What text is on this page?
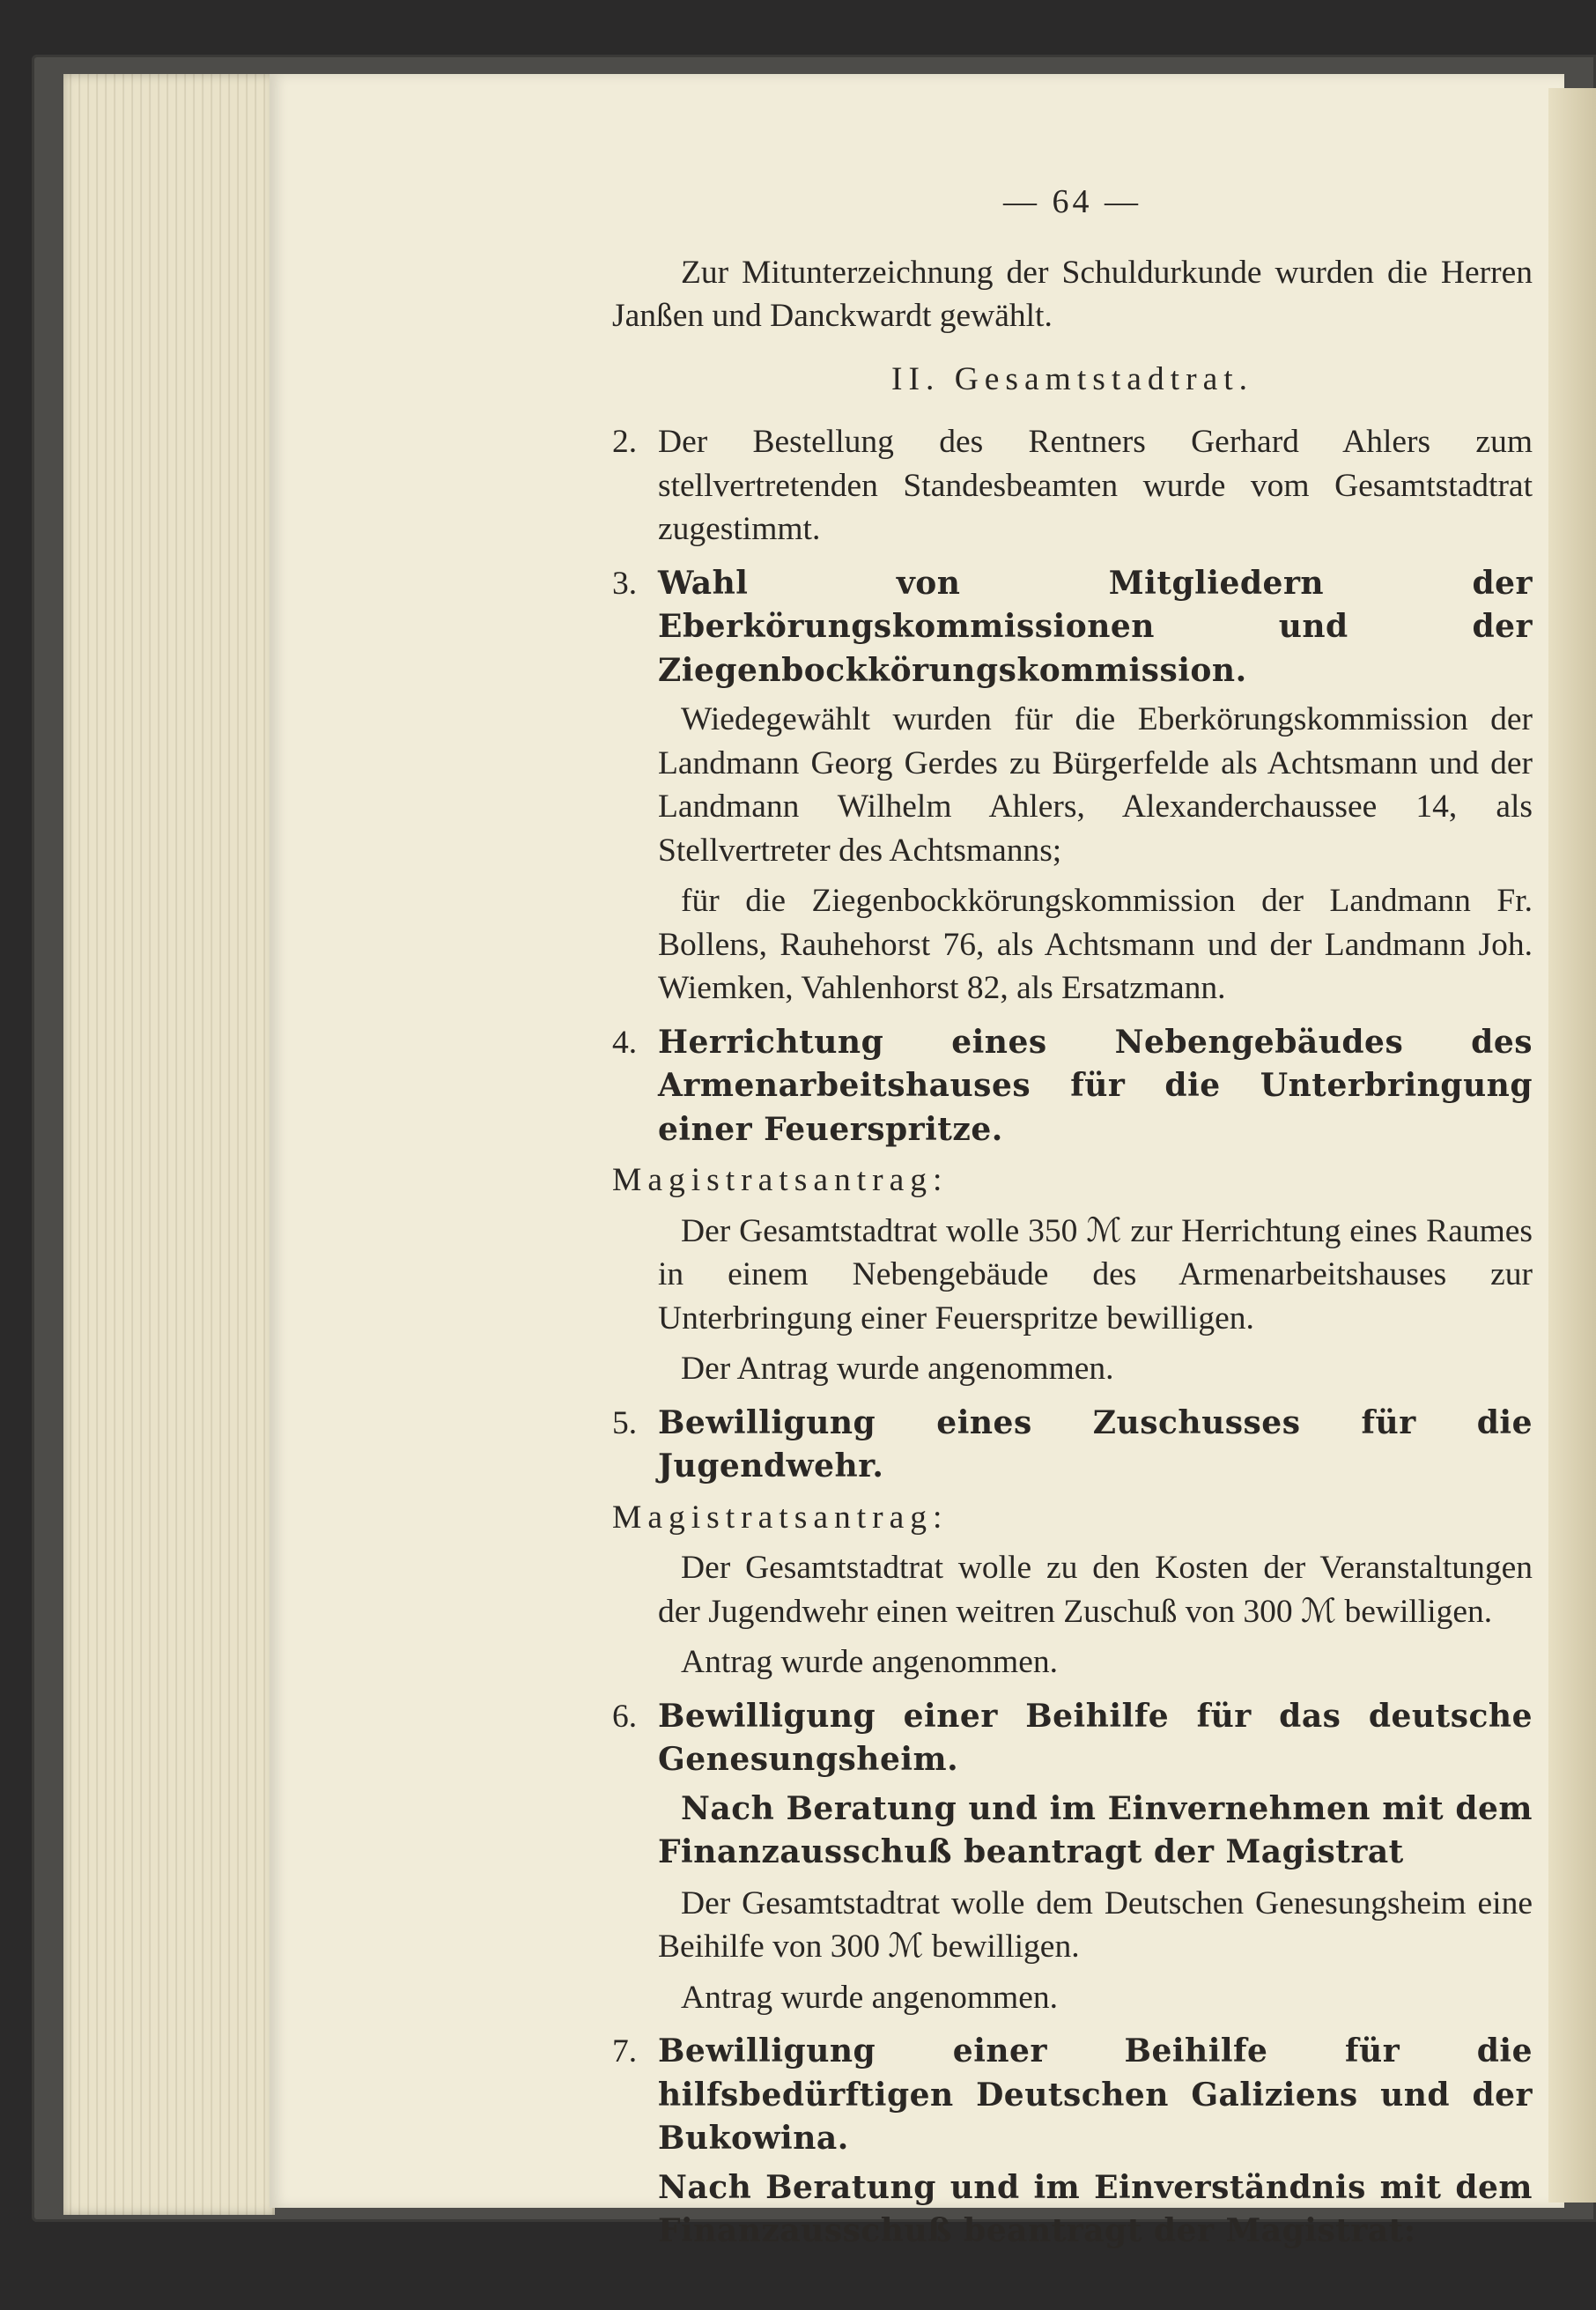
— 64 —

Zur Mitunterzeichnung der Schuldurkunde wurden die Herren Janßen und Danckwardt gewählt.

II. Gesamtstadtrat.
2. Der Bestellung des Rentners Gerhard Ahlers zum stellvertretenden Standesbeamten wurde vom Gesamtstadtrat zugestimmt.
3. Wahl von Mitgliedern der Eberkörungskommissionen und der Ziegenbockkörungskommission.

Wiedegewählt wurden für die Eberkörungskommission der Landmann Georg Gerdes zu Bürgerfelde als Achtsmann und der Landmann Wilhelm Ahlers, Alexanderchaussee 14, als Stellvertreter des Achtsmanns;

für die Ziegenbockkörungskommission der Landmann Fr. Bollens, Rauhehorst 76, als Achtsmann und der Landmann Joh. Wiemken, Vahlenhorst 82, als Ersatzmann.

4. Herrichtung eines Nebengebäudes des Armenarbeitshauses für die Unterbringung einer Feuerspritze.
Magistratsantrag:

Der Gesamtstadtrat wolle 350 ℳ zur Herrichtung eines Raumes in einem Nebengebäude des Armenarbeitshauses zur Unterbringung einer Feuerspritze bewilligen.

Der Antrag wurde angenommen.

5. Bewilligung eines Zuschusses für die Jugendwehr.
Magistratsantrag:

Der Gesamtstadtrat wolle zu den Kosten der Veranstaltungen der Jugendwehr einen weitren Zuschuß von 300 ℳ bewilligen.

Antrag wurde angenommen.

6. Bewilligung einer Beihilfe für das deutsche Genesungsheim.

Nach Beratung und im Einvernehmen mit dem Finanzausschuß beantragt der Magistrat

Der Gesamtstadtrat wolle dem Deutschen Genesungsheim eine Beihilfe von 300 ℳ bewilligen.

Antrag wurde angenommen.

7. Bewilligung einer Beihilfe für die hilfsbedürftigen Deutschen Galiziens und der Bukowina.

Nach Beratung und im Einverständnis mit dem Finanzausschuß beantragt der Magistrat:
